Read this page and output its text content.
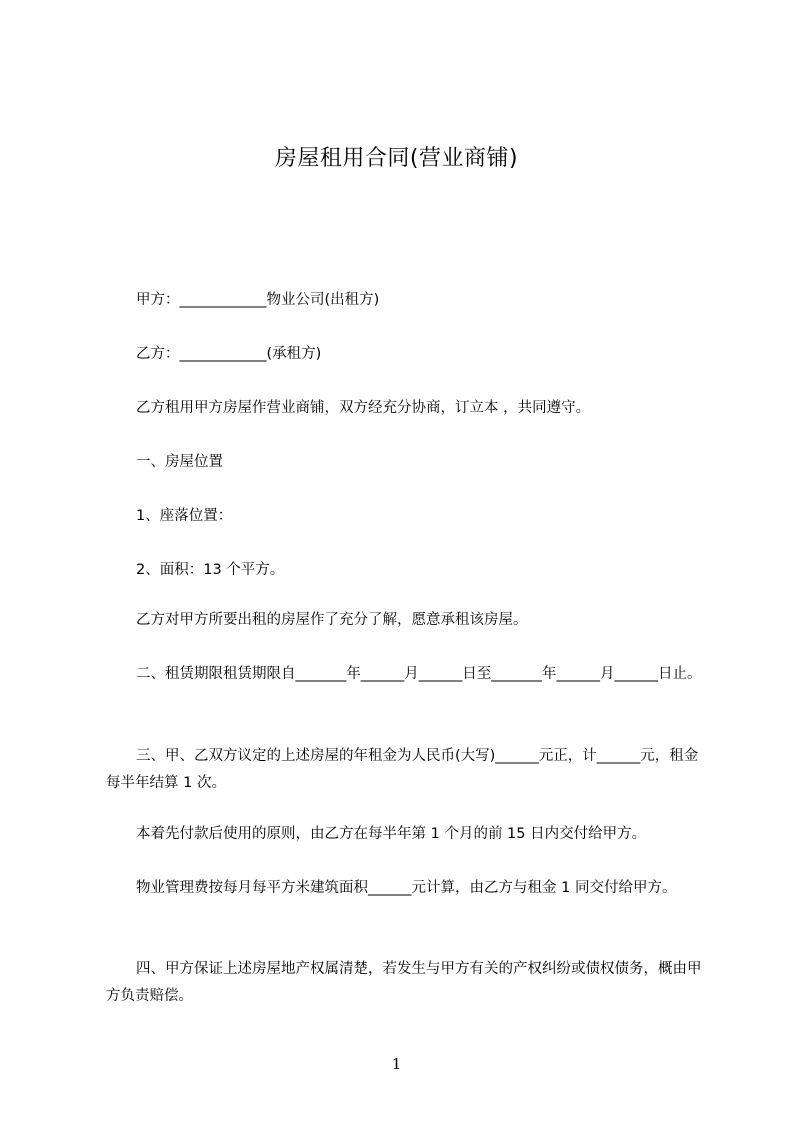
房屋租用合同(营业商铺)
甲方：____________物业公司(出租方)
乙方：____________(承租方)
乙方租用甲方房屋作营业商铺，双方经充分协商，订立本 ，共同遵守。
一、房屋位置
1、座落位置：
2、面积：13 个平方。
乙方对甲方所要出租的房屋作了充分了解，愿意承租该房屋。
二、租赁期限租赁期限自_______年______月______日至_______年______月______日止。
三、甲、乙双方议定的上述房屋的年租金为人民币(大写)______元正，计______元，租金每半年结算 1 次。
本着先付款后使用的原则，由乙方在每半年第 1 个月的前 15 日内交付给甲方。
物业管理费按每月每平方米建筑面积______元计算，由乙方与租金 1 同交付给甲方。
四、甲方保证上述房屋地产权属清楚，若发生与甲方有关的产权纠纷或债权债务，概由甲方负责赔偿。
1
